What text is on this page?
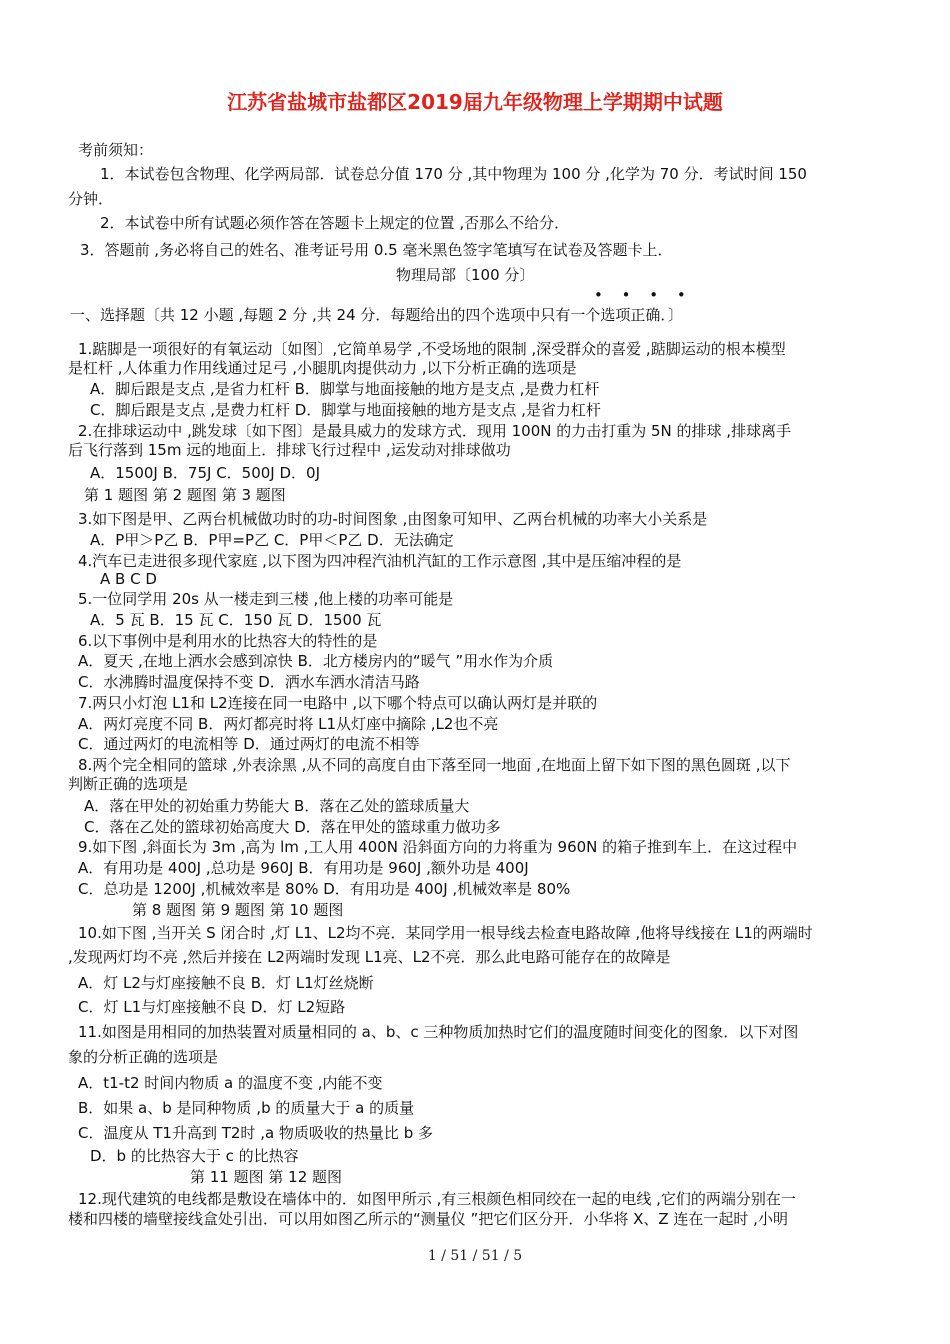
江苏省盐城市盐都区2019届九年级物理上学期期中试题
考前须知：
1．本试卷包含物理、化学两局部．试卷总分值 170 分 ,其中物理为 100 分 ,化学为 70 分．考试时间 150
分钟．
2．本试卷中所有试题必须作答在答题卡上规定的位置 ,否那么不给分．
3．答题前 ,务必将自己的姓名、准考证号用 0.5 毫米黑色签字笔填写在试卷及答题卡上．
物理局部〔100 分〕
一、选择题〔共 12 小题 ,每题 2 分 ,共 24 分．每题给出的四个选项中只有一个选项正确．〕
1.踮脚是一项很好的有氧运动〔如图〕,它简单易学 ,不受场地的限制 ,深受群众的喜爱 ,踮脚运动的根本模型
是杠杆 ,人体重力作用线通过足弓 ,小腿肌肉提供动力 ,以下分析正确的选项是
A．脚后跟是支点 ,是省力杠杆 B．脚掌与地面接触的地方是支点 ,是费力杠杆
C．脚后跟是支点 ,是费力杠杆 D．脚掌与地面接触的地方是支点 ,是省力杠杆
2.在排球运动中 ,跳发球〔如下图〕是最具威力的发球方式．现用 100N 的力击打重为 5N 的排球 ,排球离手
后飞行落到 15m 远的地面上．排球飞行过程中 ,运发动对排球做功
A．1500J B．75J C．500J D．0J
第 1 题图 第 2 题图 第 3 题图
3.如下图是甲、乙两台机械做功时的功-时间图象 ,由图象可知甲、乙两台机械的功率大小关系是
A．P甲＞P乙 B．P甲=P乙 C．P甲＜P乙 D．无法确定
4.汽车已走进很多现代家庭 ,以下图为四冲程汽油机汽缸的工作示意图 ,其中是压缩冲程的是
A B C D
5.一位同学用 20s 从一楼走到三楼 ,他上楼的功率可能是
A．5 瓦 B．15 瓦 C．150 瓦 D．1500 瓦
6.以下事例中是利用水的比热容大的特性的是
A．夏天 ,在地上洒水会感到凉快 B．北方楼房内的“暖气 ”用水作为介质
C．水沸腾时温度保持不变 D．洒水车洒水清洁马路
7.两只小灯泡 L1和 L2连接在同一电路中 ,以下哪个特点可以确认两灯是并联的
A．两灯亮度不同 B．两灯都亮时将 L1从灯座中摘除 ,L2也不亮
C．通过两灯的电流相等 D．通过两灯的电流不相等
8.两个完全相同的篮球 ,外表涂黑 ,从不同的高度自由下落至同一地面 ,在地面上留下如下图的黑色圆斑 ,以下
判断正确的选项是
A．落在甲处的初始重力势能大 B．落在乙处的篮球质量大
C．落在乙处的篮球初始高度大 D．落在甲处的篮球重力做功多
9.如下图 ,斜面长为 3m ,高为 lm ,工人用 400N 沿斜面方向的力将重为 960N 的箱子推到车上．在这过程中
A．有用功是 400J ,总功是 960J B．有用功是 960J ,额外功是 400J
C．总功是 1200J ,机械效率是 80% D．有用功是 400J ,机械效率是 80%
第 8 题图 第 9 题图 第 10 题图
10.如下图 ,当开关 S 闭合时 ,灯 L1、L2均不亮．某同学用一根导线去检查电路故障 ,他将导线接在 L1的两端时
,发现两灯均不亮 ,然后并接在 L2两端时发现 L1亮、L2不亮．那么此电路可能存在的故障是
A．灯 L2与灯座接触不良 B．灯 L1灯丝烧断
C．灯 L1与灯座接触不良 D．灯 L2短路
11.如图是用相同的加热装置对质量相同的 a、b、c 三种物质加热时它们的温度随时间变化的图象．以下对图
象的分析正确的选项是
A．t1-t2 时间内物质 a 的温度不变 ,内能不变
B．如果 a、b 是同种物质 ,b 的质量大于 a 的质量
C．温度从 T1升高到 T2时 ,a 物质吸收的热量比 b 多
D．b 的比热容大于 c 的比热容
第 11 题图 第 12 题图
12.现代建筑的电线都是敷设在墙体中的．如图甲所示 ,有三根颜色相同绞在一起的电线 ,它们的两端分别在一
楼和四楼的墙壁接线盒处引出．可以用如图乙所示的“测量仪 ”把它们区分开．小华将 X、Z 连在一起时 ,小明
• • • •
1 / 51 / 51 / 5
